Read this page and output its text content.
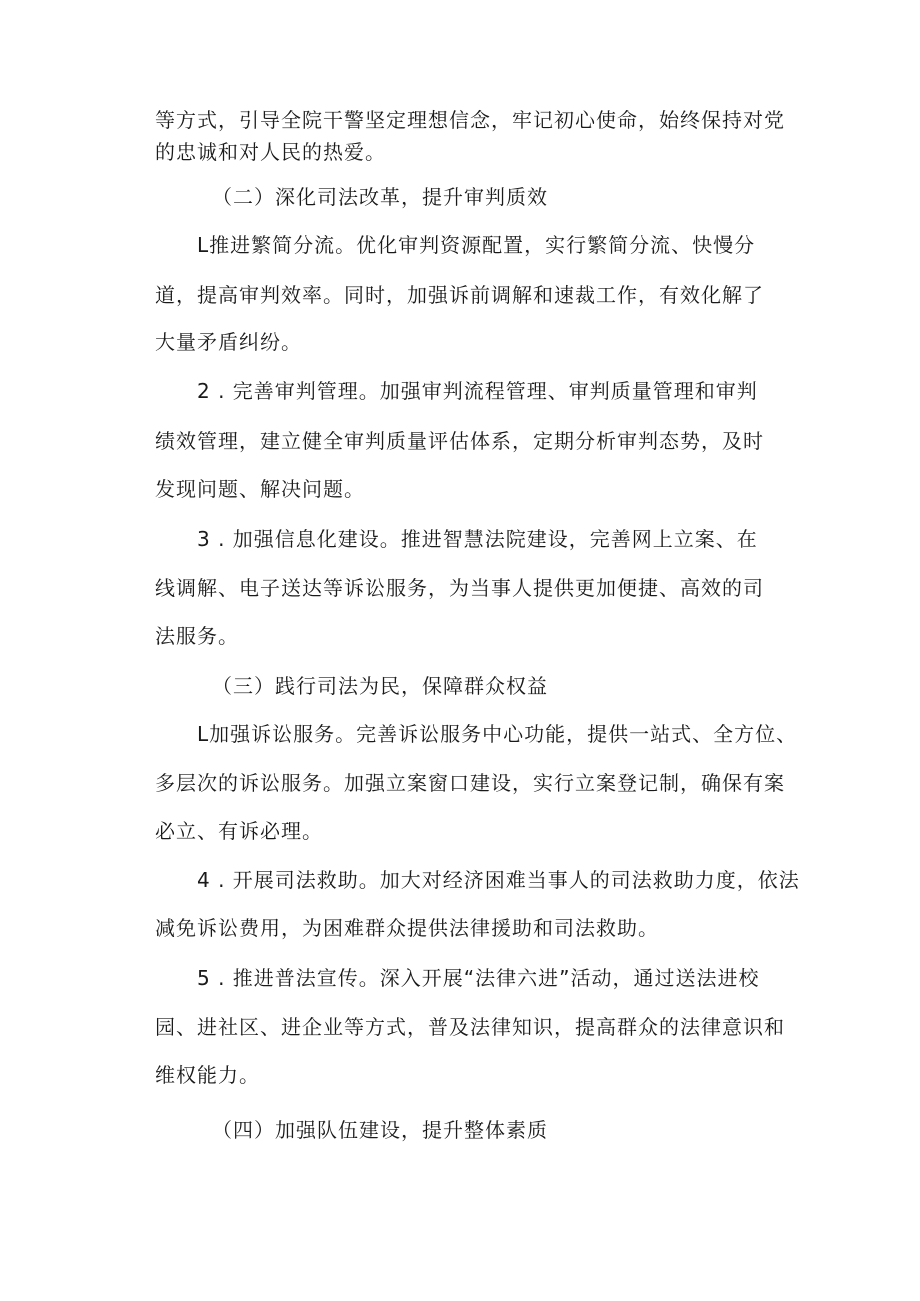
等方式，引导全院干警坚定理想信念，牢记初心使命，始终保持对党
的忠诚和对人民的热爱。
（二）深化司法改革，提升审判质效
L推进繁简分流。优化审判资源配置，实行繁简分流、快慢分
道，提高审判效率。同时，加强诉前调解和速裁工作，有效化解了
大量矛盾纠纷。
2 . 完善审判管理。加强审判流程管理、审判质量管理和审判
绩效管理，建立健全审判质量评估体系，定期分析审判态势，及时
发现问题、解决问题。
3 . 加强信息化建设。推进智慧法院建设，完善网上立案、在
线调解、电子送达等诉讼服务，为当事人提供更加便捷、高效的司
法服务。
（三）践行司法为民，保障群众权益
L加强诉讼服务。完善诉讼服务中心功能，提供一站式、全方位、
多层次的诉讼服务。加强立案窗口建设，实行立案登记制，确保有案
必立、有诉必理。
4 . 开展司法救助。加大对经济困难当事人的司法救助力度，依法
减免诉讼费用，为困难群众提供法律援助和司法救助。
5 . 推进普法宣传。深入开展“法律六进”活动，通过送法进校
园、进社区、进企业等方式，普及法律知识，提高群众的法律意识和
维权能力。
（四）加强队伍建设，提升整体素质
